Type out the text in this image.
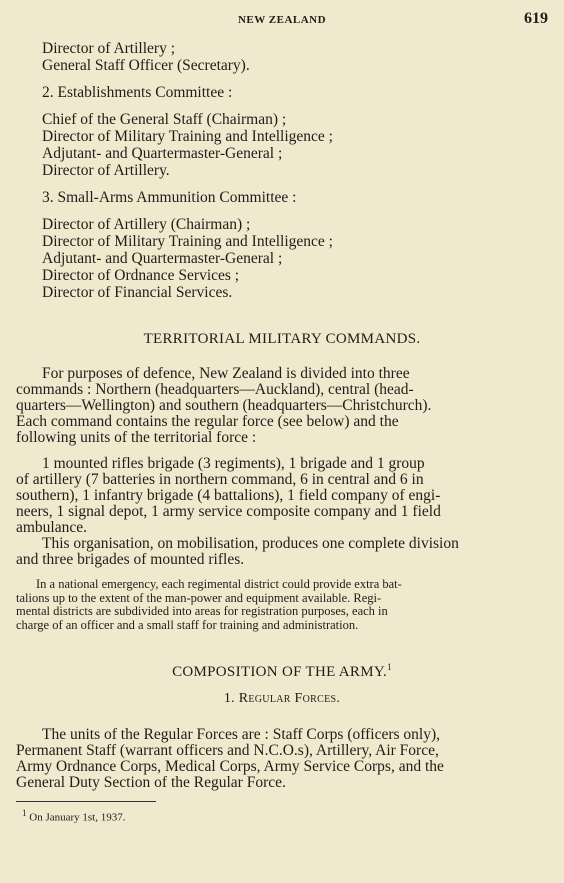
NEW ZEALAND	619

Director of Artillery ;

General Staff Officer (Secretary).

2. Establishments Committee :

Chief of the General Staff (Chairman) ;

Director of Military Training and Intelligence ;

Adjutant- and Quartermaster-General ;

Director of Artillery.

3. Small-Arms Ammunition Committee :

Director of Artillery (Chairman) ;

Director of Military Training and Intelligence ;

Adjutant- and Quartermaster-General ;

Director of Ordnance Services ;

Director of Financial Services.

TERRITORIAL MILITARY COMMANDS.

For purposes of defence, New Zealand is divided into three
commands : Northern (headquarters—Auckland), central (head-
quarters—Wellington) and southern (headquarters—Christchurch).
Each command contains the regular force (see below) and the
following units of the territorial force :
1 mounted rifles brigade (3 regiments), 1 brigade and 1 group
of artillery (7 batteries in northern command, 6 in central and 6 in
southern), 1 infantry brigade (4 battalions), 1 field company of engi-
neers, 1 signal depot, 1 army service composite company and 1 field
ambulance.
This organisation, on mobilisation, produces one complete division
and three brigades of mounted rifles.
In a national emergency, each regimental district could provide extra bat-
talions up to the extent of the man-power and equipment available. Regi-
mental districts are subdivided into areas for registration purposes, each in
charge of an officer and a small staff for training and administration.

COMPOSITION OF THE ARMY.$^1$

1. Regular Forces.

The units of the Regular Forces are : Staff Corps (officers only),
Permanent Staff (warrant officers and N.C.O.s), Artillery, Air Force,
Army Ordnance Corps, Medical Corps, Army Service Corps, and the
General Duty Section of the Regular Force.
$^1$ On January 1st, 1937.
